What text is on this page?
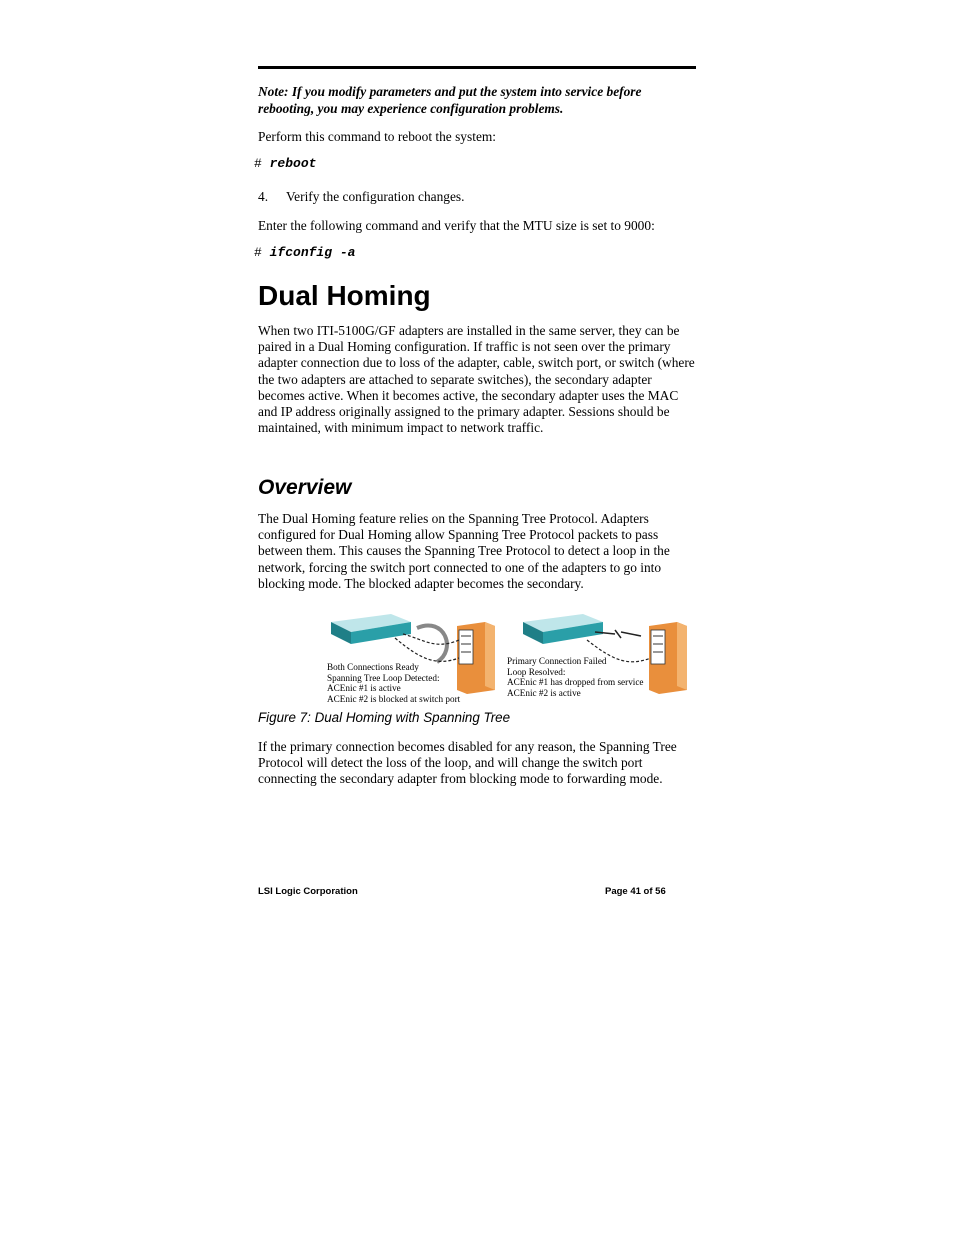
Note: If you modify parameters and put the system into service before rebooting, you may experience configuration problems.
Perform this command to reboot the system:
# reboot
4. Verify the configuration changes.
Enter the following command and verify that the MTU size is set to 9000:
# ifconfig -a
Dual Homing
When two ITI-5100G/GF adapters are installed in the same server, they can be paired in a Dual Homing configuration. If traffic is not seen over the primary adapter connection due to loss of the adapter, cable, switch port, or switch (where the two adapters are attached to separate switches), the secondary adapter becomes active. When it becomes active, the secondary adapter uses the MAC and IP address originally assigned to the primary adapter. Sessions should be maintained, with minimum impact to network traffic.
Overview
The Dual Homing feature relies on the Spanning Tree Protocol. Adapters configured for Dual Homing allow Spanning Tree Protocol packets to pass between them. This causes the Spanning Tree Protocol to detect a loop in the network, forcing the switch port connected to one of the adapters to go into blocking mode. The blocked adapter becomes the secondary.
Both Connections Ready
Spanning Tree Loop Detected:
ACEnic #1 is active
ACEnic #2 is blocked at switch port
Primary Connection Failed
Loop Resolved:
ACEnic #1 has dropped from service
ACEnic #2 is active
Figure 7: Dual Homing with Spanning Tree
If the primary connection becomes disabled for any reason, the Spanning Tree Protocol will detect the loss of the loop, and will change the switch port connecting the secondary adapter from blocking mode to forwarding mode.
LSI Logic Corporation	Page 41 of 56
